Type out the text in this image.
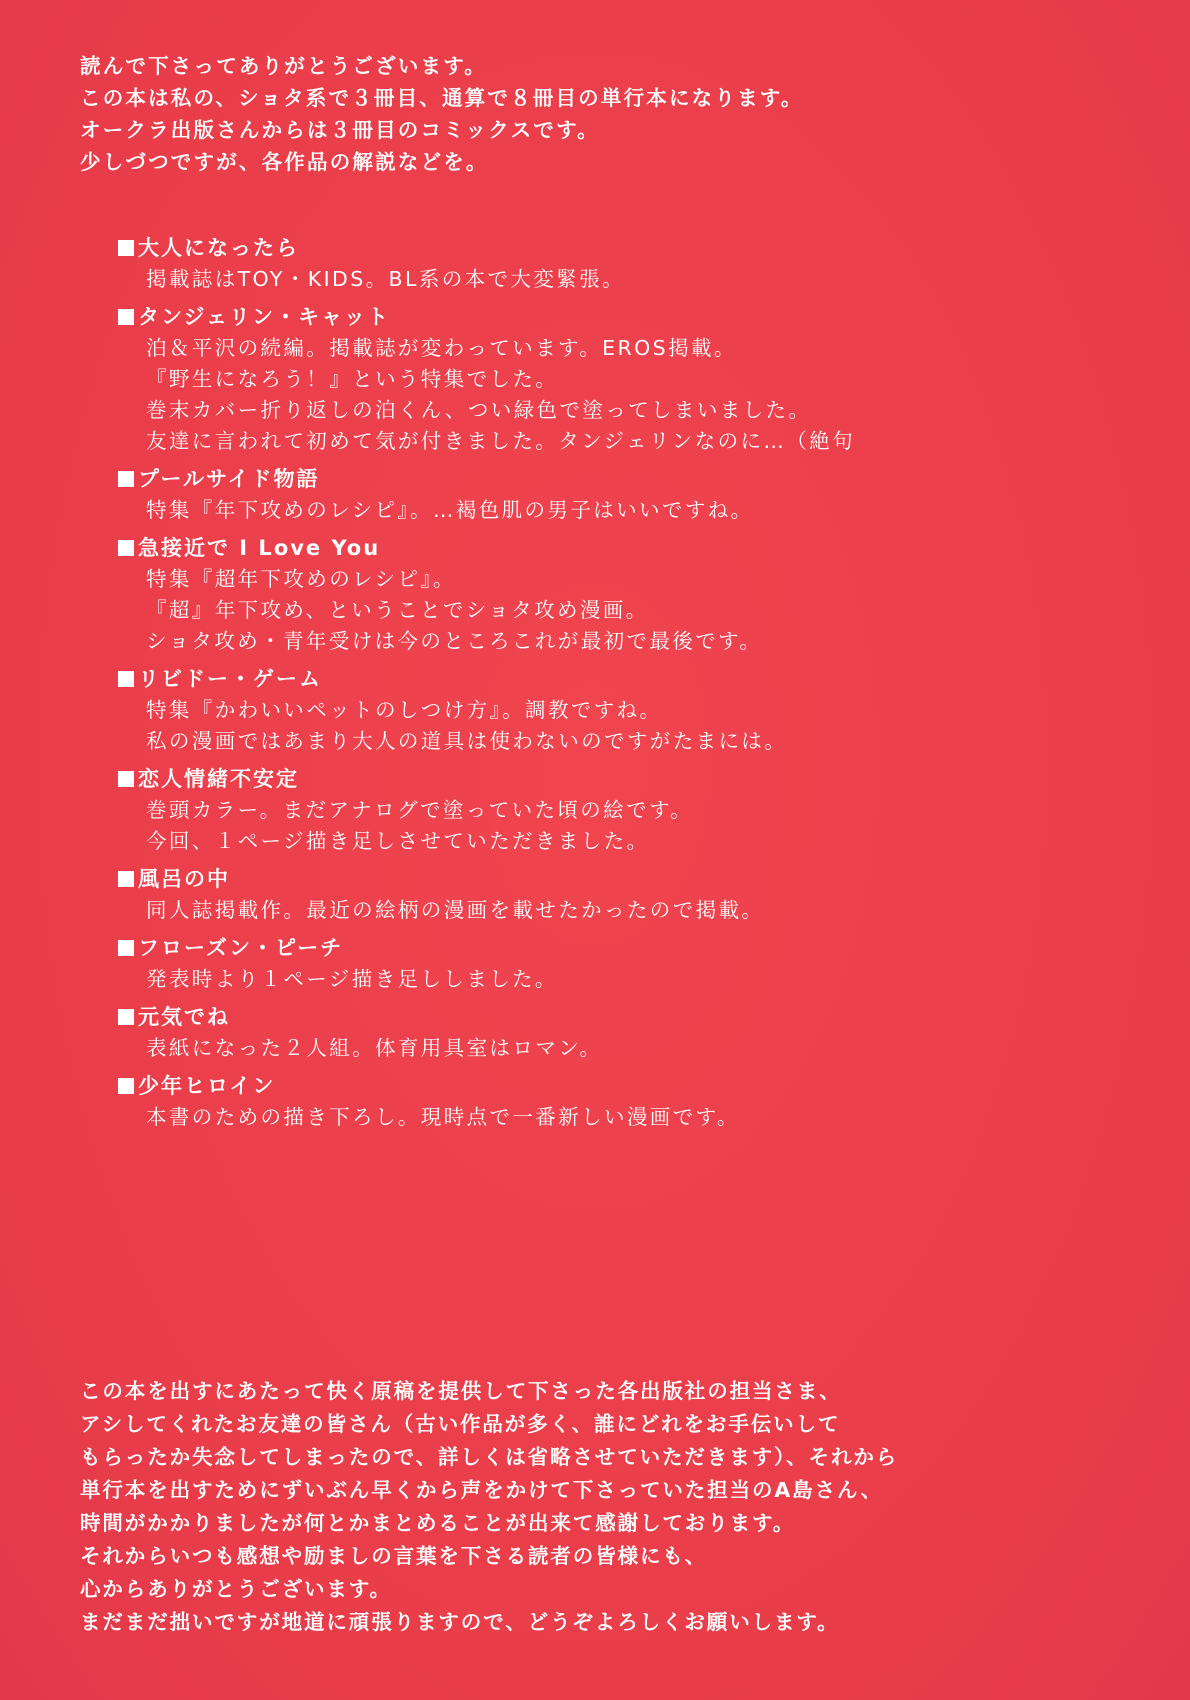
読んで下さってありがとうございます。
この本は私の、ショタ系で３冊目、通算で８冊目の単行本になります。
オークラ出版さんからは３冊目のコミックスです。
少しづつですが、各作品の解説などを。
大人になったら
掲載誌はTOY・KIDS。BL系の本で大変緊張。
タンジェリン・キャット
泊＆平沢の続編。掲載誌が変わっています。EROS掲載。
『野生になろう！』という特集でした。
巻末カバー折り返しの泊くん、つい緑色で塗ってしまいました。
友達に言われて初めて気が付きました。タンジェリンなのに…（絶句
プールサイド物語
特集『年下攻めのレシピ』。…褐色肌の男子はいいですね。
急接近で I Love You
特集『超年下攻めのレシピ』。
『超』年下攻め、ということでショタ攻め漫画。
ショタ攻め・青年受けは今のところこれが最初で最後です。
リビドー・ゲーム
特集『かわいいペットのしつけ方』。調教ですね。
私の漫画ではあまり大人の道具は使わないのですがたまには。
恋人情緒不安定
巻頭カラー。まだアナログで塗っていた頃の絵です。
今回、１ページ描き足しさせていただきました。
風呂の中
同人誌掲載作。最近の絵柄の漫画を載せたかったので掲載。
フローズン・ピーチ
発表時より１ページ描き足ししました。
元気でね
表紙になった２人組。体育用具室はロマン。
少年ヒロイン
本書のための描き下ろし。現時点で一番新しい漫画です。
この本を出すにあたって快く原稿を提供して下さった各出版社の担当さま、
アシしてくれたお友達の皆さん（古い作品が多く、誰にどれをお手伝いして
もらったか失念してしまったので、詳しくは省略させていただきます）、それから
単行本を出すためにずいぶん早くから声をかけて下さっていた担当のA島さん、
時間がかかりましたが何とかまとめることが出来て感謝しております。
それからいつも感想や励ましの言葉を下さる読者の皆様にも、
心からありがとうございます。
まだまだ拙いですが地道に頑張りますので、どうぞよろしくお願いします。
